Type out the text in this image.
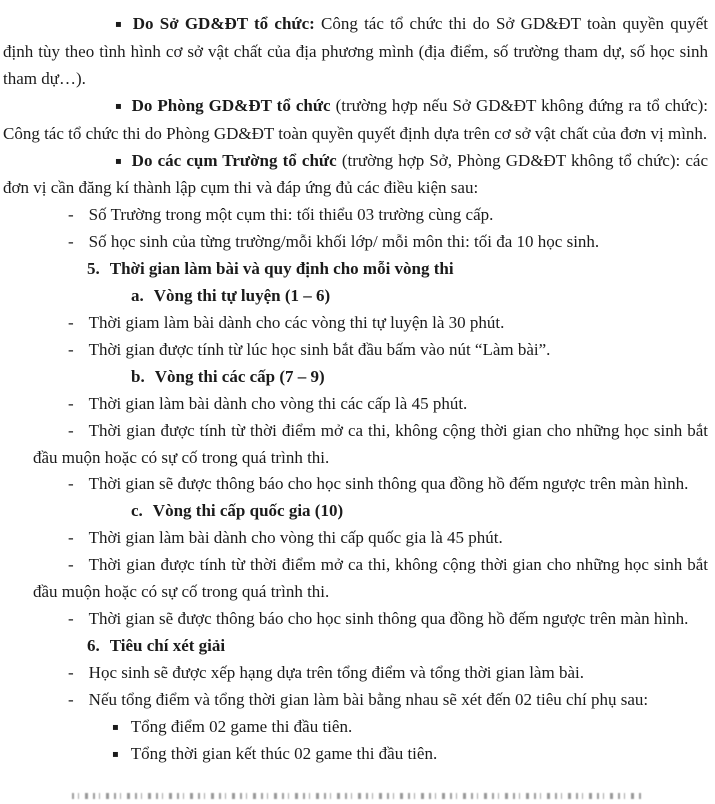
▪ Do Sở GD&ĐT tổ chức: Công tác tổ chức thi do Sở GD&ĐT toàn quyền quyết định tùy theo tình hình cơ sở vật chất của địa phương mình (địa điểm, số trường tham dự, số học sinh tham dự…).

▪ Do Phòng GD&ĐT tổ chức (trường hợp nếu Sở GD&ĐT không đứng ra tổ chức): Công tác tổ chức thi do Phòng GD&ĐT toàn quyền quyết định dựa trên cơ sở vật chất của đơn vị mình.

▪ Do các cụm Trường tổ chức (trường hợp Sở, Phòng GD&ĐT không tổ chức): các đơn vị cần đăng kí thành lập cụm thi và đáp ứng đủ các điều kiện sau:

- Số Trường trong một cụm thi: tối thiểu 03 trường cùng cấp.

- Số học sinh của từng trường/mỗi khối lớp/ mỗi môn thi: tối đa 10 học sinh.

5. Thời gian làm bài và quy định cho mỗi vòng thi

a. Vòng thi tự luyện (1 – 6)

- Thời giam làm bài dành cho các vòng thi tự luyện là 30 phút.

- Thời gian được tính từ lúc học sinh bắt đầu bấm vào nút “Làm bài”.

b. Vòng thi các cấp (7 – 9)

- Thời gian làm bài dành cho vòng thi các cấp là 45 phút.

- Thời gian được tính từ thời điểm mở ca thi, không cộng thời gian cho những học sinh bắt đầu muộn hoặc có sự cố trong quá trình thi.

- Thời gian sẽ được thông báo cho học sinh thông qua đồng hồ đếm ngược trên màn hình.

c. Vòng thi cấp quốc gia (10)

- Thời gian làm bài dành cho vòng thi cấp quốc gia là 45 phút.

- Thời gian được tính từ thời điểm mở ca thi, không cộng thời gian cho những học sinh bắt đầu muộn hoặc có sự cố trong quá trình thi.

- Thời gian sẽ được thông báo cho học sinh thông qua đồng hồ đếm ngược trên màn hình.

6. Tiêu chí xét giải

- Học sinh sẽ được xếp hạng dựa trên tổng điểm và tổng thời gian làm bài.

- Nếu tổng điểm và tổng thời gian làm bài bằng nhau sẽ xét đến 02 tiêu chí phụ sau:

▪ Tổng điểm 02 game thi đầu tiên.

▪ Tổng thời gian kết thúc 02 game thi đầu tiên.
